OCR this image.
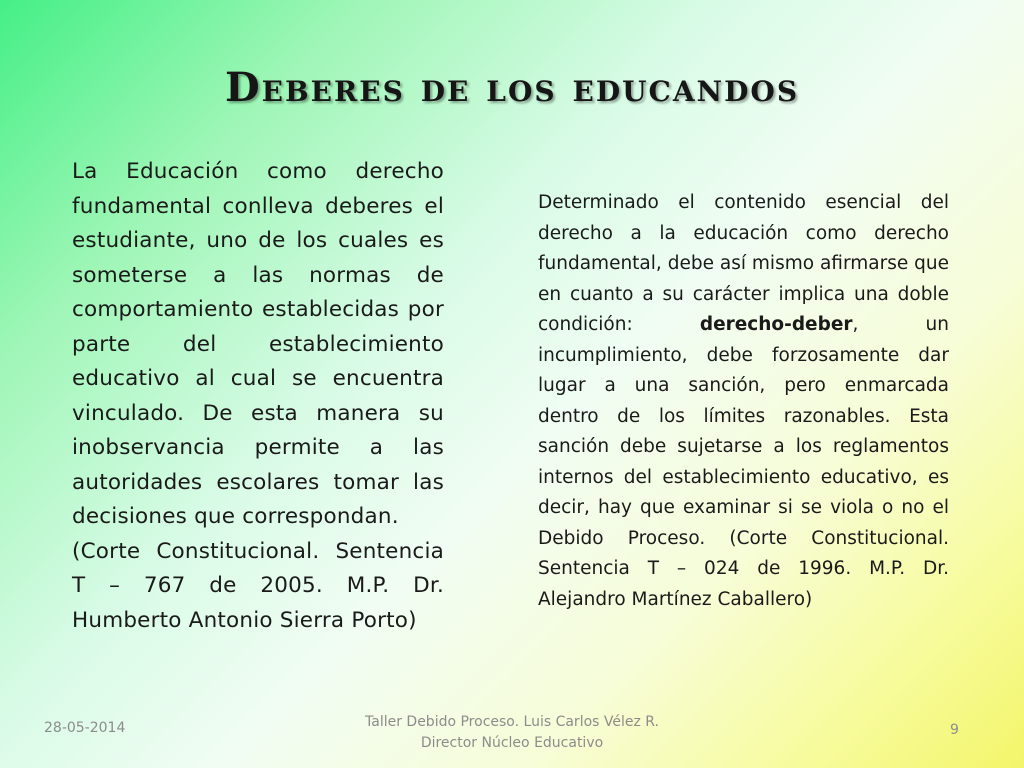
Deberes de los educandos

La Educación como derecho fundamental conlleva deberes el estudiante, uno de los cuales es someterse a las normas de comportamiento establecidas por parte del establecimiento educativo al cual se encuentra vinculado. De esta manera su inobservancia permite a las autoridades escolares tomar las decisiones que correspondan.

(Corte Constitucional. Sentencia T – 767 de 2005. M.P. Dr. Humberto Antonio Sierra Porto)

Determinado el contenido esencial del derecho a la educación como derecho fundamental, debe así mismo afirmarse que en cuanto a su carácter implica una doble condición: derecho-deber, un incumplimiento, debe forzosamente dar lugar a una sanción, pero enmarcada dentro de los límites razonables. Esta sanción debe sujetarse a los reglamentos internos del establecimiento educativo, es decir, hay que examinar si se viola o no el Debido Proceso. (Corte Constitucional. Sentencia T – 024 de 1996. M.P. Dr. Alejandro Martínez Caballero)

28-05-2014	Taller Debido Proceso. Luis Carlos Vélez R.
Director Núcleo Educativo
9
